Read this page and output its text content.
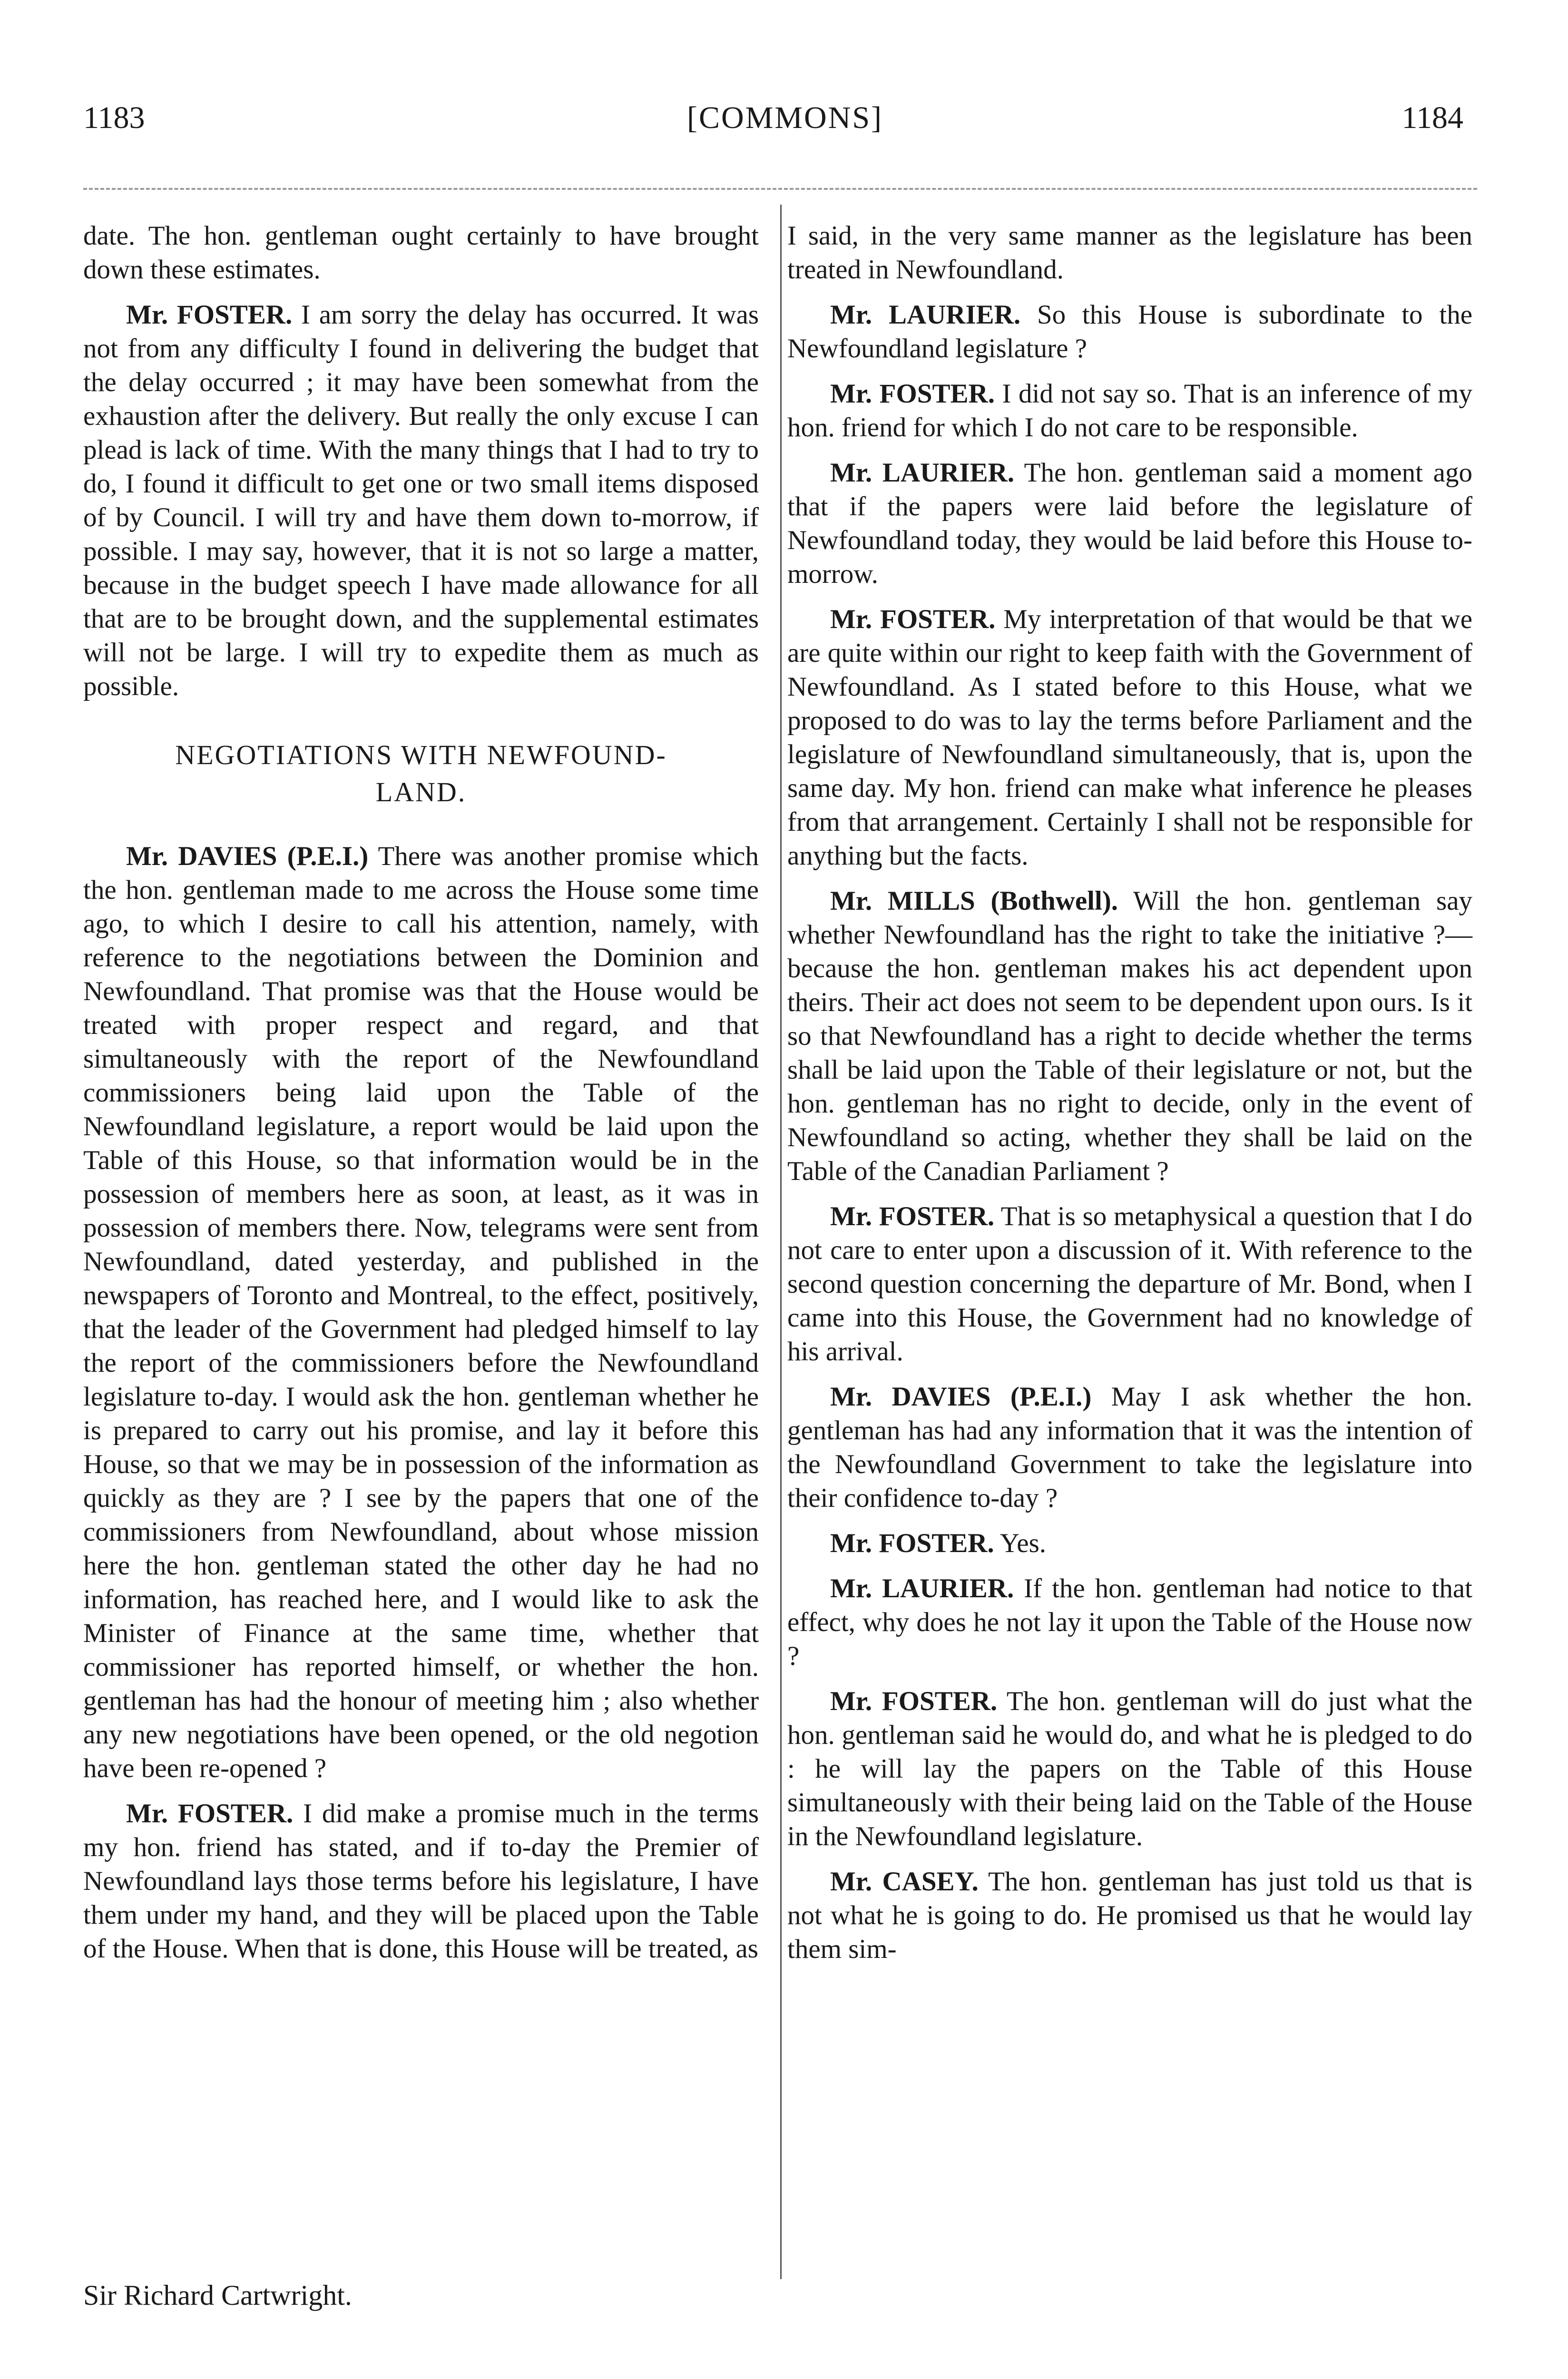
1183	[COMMONS]	1184

date. The hon. gentleman ought certainly to have brought down these estimates.

Mr. FOSTER. I am sorry the delay has occurred. It was not from any difficulty I found in delivering the budget that the delay occurred ; it may have been somewhat from the exhaustion after the delivery. But really the only excuse I can plead is lack of time. With the many things that I had to try to do, I found it difficult to get one or two small items disposed of by Council. I will try and have them down to-morrow, if possible. I may say, however, that it is not so large a matter, because in the budget speech I have made allowance for all that are to be brought down, and the supplemental estimates will not be large. I will try to expedite them as much as possible.

NEGOTIATIONS WITH NEWFOUND-
LAND.

Mr. DAVIES (P.E.I.) There was another promise which the hon. gentleman made to me across the House some time ago, to which I desire to call his attention, namely, with reference to the negotiations between the Dominion and Newfoundland. That promise was that the House would be treated with proper respect and regard, and that simultaneously with the report of the Newfoundland commissioners being laid upon the Table of the Newfoundland legislature, a report would be laid upon the Table of this House, so that information would be in the possession of members here as soon, at least, as it was in possession of members there. Now, telegrams were sent from Newfoundland, dated yesterday, and published in the newspapers of Toronto and Montreal, to the effect, positively, that the leader of the Government had pledged himself to lay the report of the commissioners before the Newfoundland legislature to-day. I would ask the hon. gentleman whether he is prepared to carry out his promise, and lay it before this House, so that we may be in possession of the information as quickly as they are ? I see by the papers that one of the commissioners from Newfoundland, about whose mission here the hon. gentleman stated the other day he had no information, has reached here, and I would like to ask the Minister of Finance at the same time, whether that commissioner has reported himself, or whether the hon. gentleman has had the honour of meeting him ; also whether any new negotiations have been opened, or the old negotion have been re-opened ?

Mr. FOSTER. I did make a promise much in the terms my hon. friend has stated, and if to-day the Premier of Newfoundland lays those terms before his legislature, I have them under my hand, and they will be placed upon the Table of the House. When that is done, this House will be treated, as

I said, in the very same manner as the legislature has been treated in Newfoundland.

Mr. LAURIER. So this House is subordinate to the Newfoundland legislature ?

Mr. FOSTER. I did not say so. That is an inference of my hon. friend for which I do not care to be responsible.

Mr. LAURIER. The hon. gentleman said a moment ago that if the papers were laid before the legislature of Newfoundland today, they would be laid before this House to-morrow.

Mr. FOSTER. My interpretation of that would be that we are quite within our right to keep faith with the Government of Newfoundland. As I stated before to this House, what we proposed to do was to lay the terms before Parliament and the legislature of Newfoundland simultaneously, that is, upon the same day. My hon. friend can make what inference he pleases from that arrangement. Certainly I shall not be responsible for anything but the facts.

Mr. MILLS (Bothwell). Will the hon. gentleman say whether Newfoundland has the right to take the initiative ?—because the hon. gentleman makes his act dependent upon theirs. Their act does not seem to be dependent upon ours. Is it so that Newfoundland has a right to decide whether the terms shall be laid upon the Table of their legislature or not, but the hon. gentleman has no right to decide, only in the event of Newfoundland so acting, whether they shall be laid on the Table of the Canadian Parliament ?

Mr. FOSTER. That is so metaphysical a question that I do not care to enter upon a discussion of it. With reference to the second question concerning the departure of Mr. Bond, when I came into this House, the Government had no knowledge of his arrival.

Mr. DAVIES (P.E.I.) May I ask whether the hon. gentleman has had any information that it was the intention of the Newfoundland Government to take the legislature into their confidence to-day ?

Mr. FOSTER. Yes.

Mr. LAURIER. If the hon. gentleman had notice to that effect, why does he not lay it upon the Table of the House now ?

Mr. FOSTER. The hon. gentleman will do just what the hon. gentleman said he would do, and what he is pledged to do : he will lay the papers on the Table of this House simultaneously with their being laid on the Table of the House in the Newfoundland legislature.

Mr. CASEY. The hon. gentleman has just told us that is not what he is going to do. He promised us that he would lay them sim-

Sir Richard Cartwright.
